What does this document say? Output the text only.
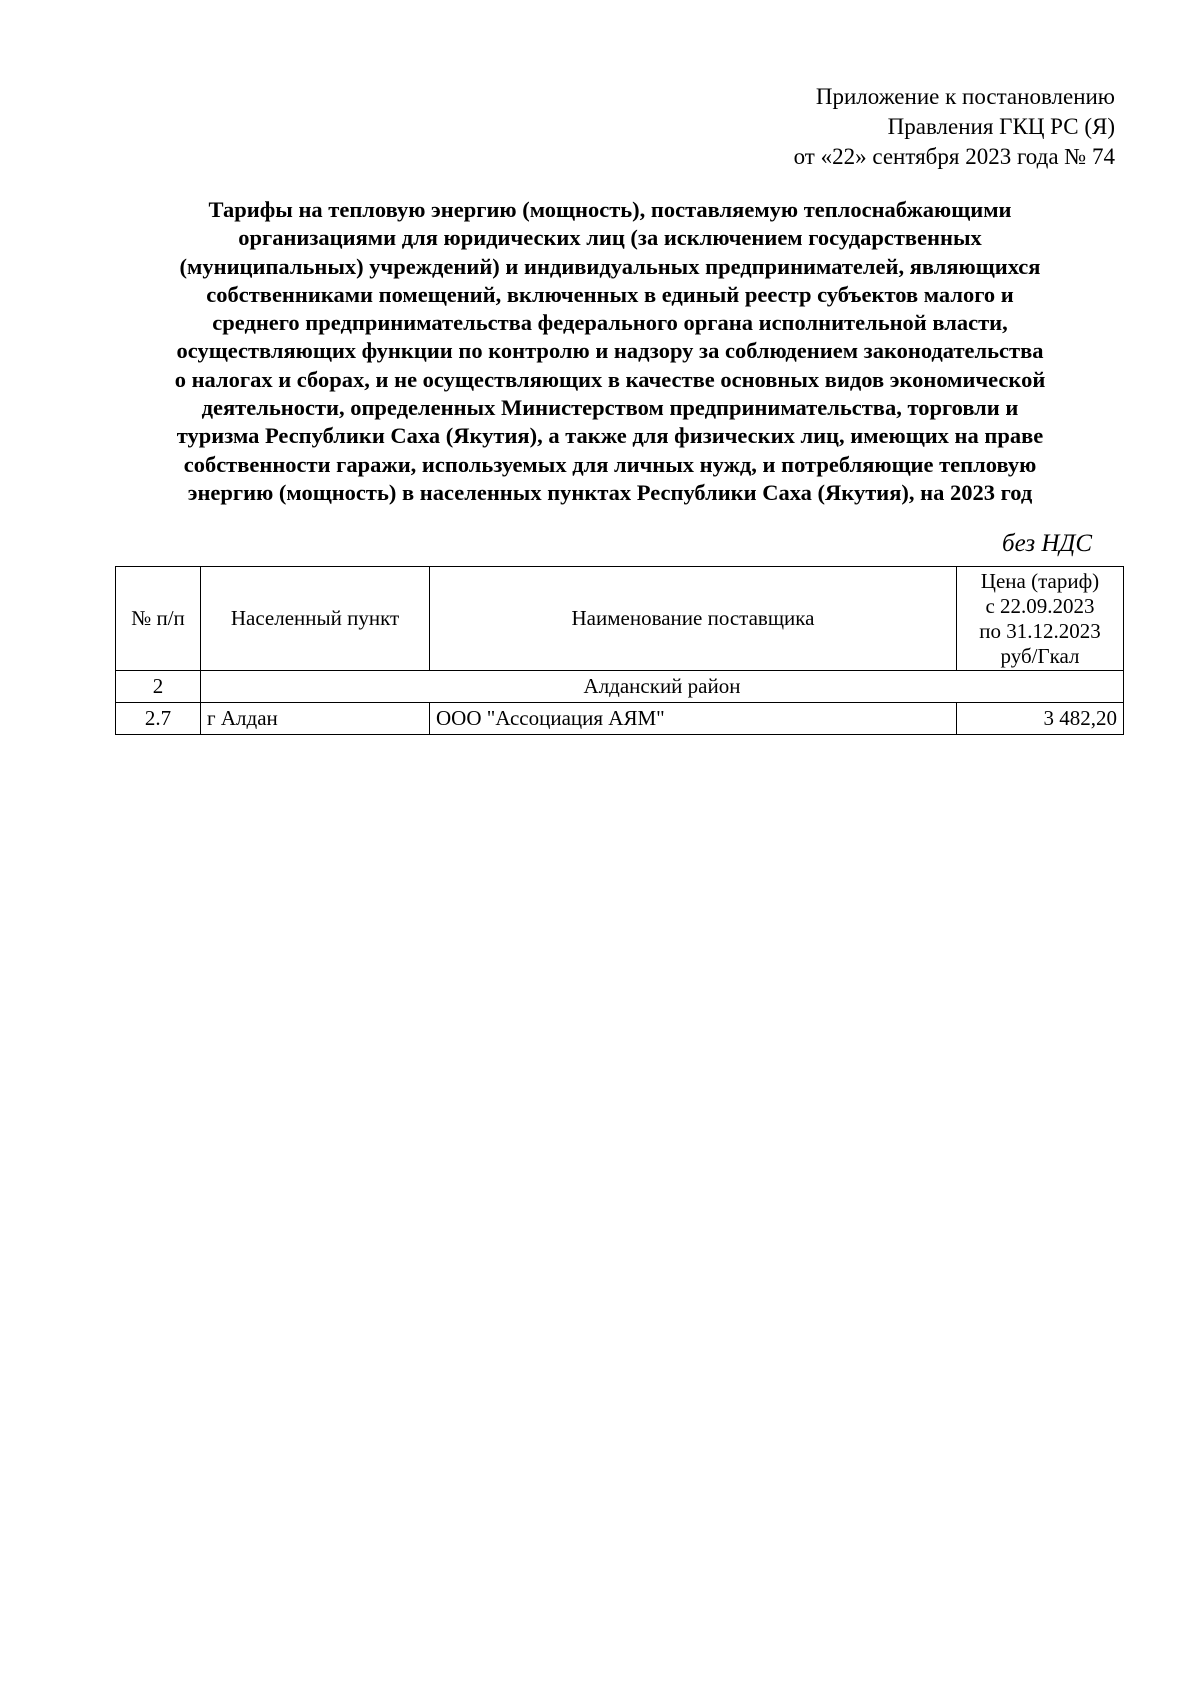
Приложение к постановлению
Правления ГКЦ РС (Я)
от «22» сентября 2023 года № 74
Тарифы на тепловую энергию (мощность), поставляемую теплоснабжающими
организациями для юридических лиц (за исключением государственных
(муниципальных) учреждений) и индивидуальных предпринимателей, являющихся
собственниками помещений, включенных в единый реестр субъектов малого и
среднего предпринимательства федерального органа исполнительной власти,
осуществляющих функции по контролю и надзору за соблюдением законодательства
о налогах и сборах, и не осуществляющих в качестве основных видов экономической
деятельности, определенных Министерством предпринимательства, торговли и
туризма Республики Саха (Якутия), а также для физических лиц, имеющих на праве
собственности гаражи, используемых для личных нужд, и потребляющие тепловую
энергию (мощность) в населенных пунктах Республики Саха (Якутия), на 2023 год
без НДС
№ п/п	Населенный пункт	Наименование поставщика	Цена (тариф)
с 22.09.2023
по 31.12.2023
руб/Гкал

2	Алданский район		
2.7	г Алдан	ООО "Ассоциация АЯМ"	3 482,20
